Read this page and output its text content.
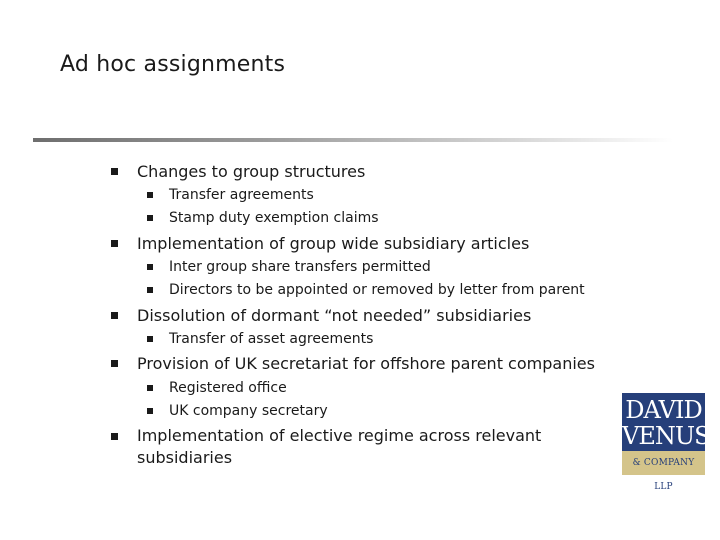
Ad hoc assignments
Changes to group structures
Transfer agreements
Stamp duty exemption claims
Implementation of group wide subsidiary articles
Inter group share transfers permitted
Directors to be appointed or removed by letter from parent
Dissolution of dormant “not needed” subsidiaries
Transfer of asset agreements
Provision of UK secretariat for offshore parent companies
Registered office
UK company secretary
Implementation of elective regime across relevant
subsidiaries
DAVID
VENUS
& COMPANY LLP
